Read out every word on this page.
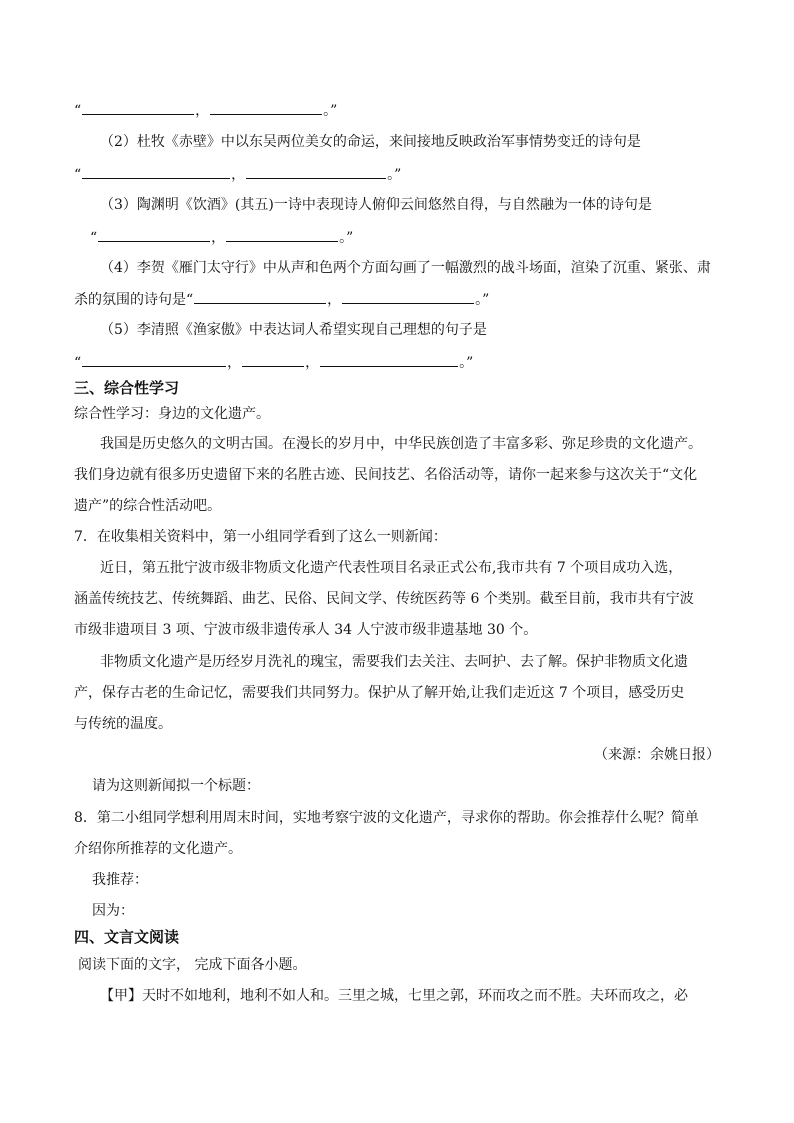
“	，	。”
（2）杜牧《赤壁》中以东吴两位美女的命运，来间接地反映政治军事情势变迁的诗句是
“	，	。”
（3）陶渊明《饮酒》(其五)一诗中表现诗人俯仰云间悠然自得，与自然融为一体的诗句是
“	，	。”
（4）李贺《雁门太守行》中从声和色两个方面勾画了一幅激烈的战斗场面，渲染了沉重、紧张、肃
杀的氛围的诗句是“	，	。”
（5）李清照《渔家傲》中表达词人希望实现自己理想的句子是
“	，	，	。”
三、综合性学习
综合性学习：身边的文化遗产。
我国是历史悠久的文明古国。在漫长的岁月中，中华民族创造了丰富多彩、弥足珍贵的文化遗产。
我们身边就有很多历史遗留下来的名胜古迹、民间技艺、名俗活动等，请你一起来参与这次关于“文化
遗产”的综合性活动吧。
7．在收集相关资料中，第一小组同学看到了这么一则新闻：
近日，第五批宁波市级非物质文化遗产代表性项目名录正式公布,我市共有 7 个项目成功入选，
涵盖传统技艺、传统舞蹈、曲艺、民俗、民间文学、传统医药等 6 个类别。截至目前，我市共有宁波
市级非遗项目 3 项、宁波市级非遗传承人 34 人宁波市级非遗基地 30 个。
非物质文化遗产是历经岁月洗礼的瑰宝，需要我们去关注、去呵护、去了解。保护非物质文化遗
产，保存古老的生命记忆，需要我们共同努力。保护从了解开始,让我们走近这 7 个项目，感受历史
与传统的温度。
（来源：余姚日报）
请为这则新闻拟一个标题：
8．第二小组同学想利用周末时间，实地考察宁波的文化遗产，寻求你的帮助。你会推荐什么呢？简单
介绍你所推荐的文化遗产。
我推荐：
因为：
四、文言文阅读
阅读下面的文字， 完成下面各小题。
【甲】天时不如地利，地利不如人和。三里之城，七里之郭，环而攻之而不胜。夫环而攻之，必
